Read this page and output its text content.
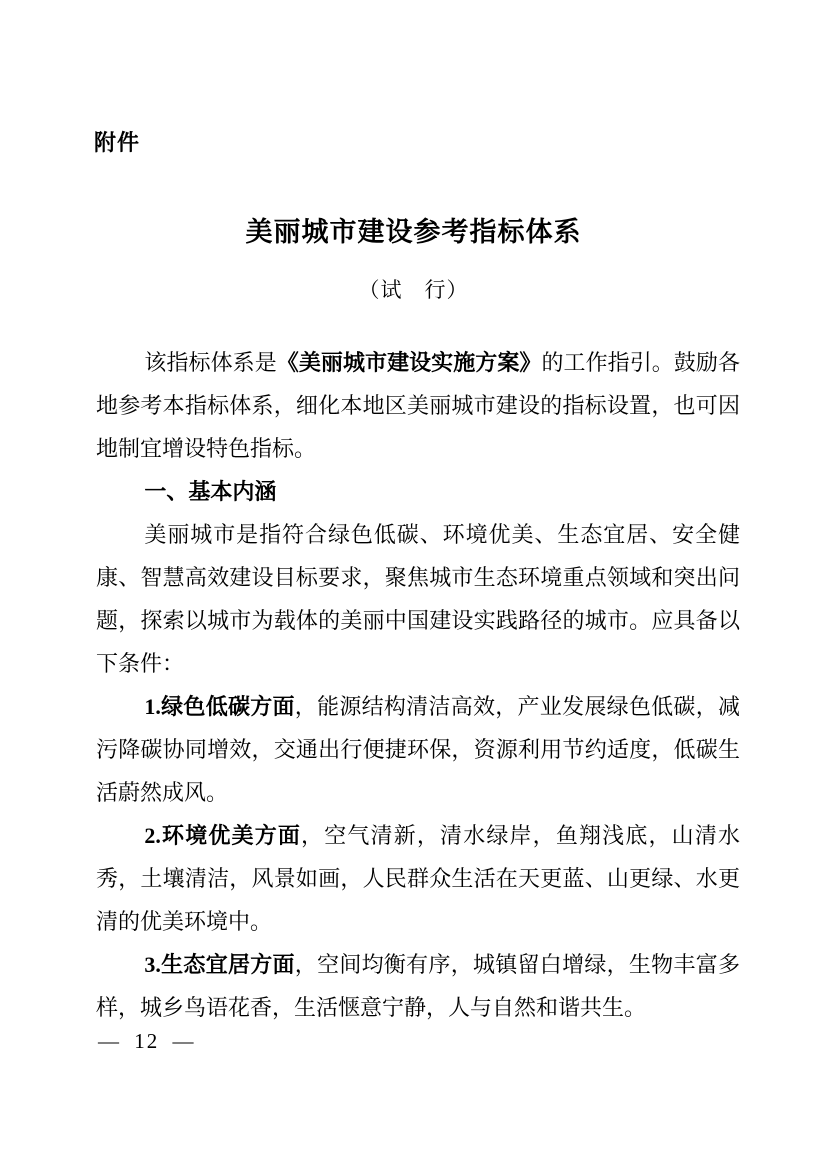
附件
美丽城市建设参考指标体系
（试　行）

该指标体系是《美丽城市建设实施方案》的工作指引。鼓励各地参考本指标体系，细化本地区美丽城市建设的指标设置，也可因地制宜增设特色指标。

一、基本内涵

美丽城市是指符合绿色低碳、环境优美、生态宜居、安全健康、智慧高效建设目标要求，聚焦城市生态环境重点领域和突出问题，探索以城市为载体的美丽中国建设实践路径的城市。应具备以下条件：

1.绿色低碳方面，能源结构清洁高效，产业发展绿色低碳，减污降碳协同增效，交通出行便捷环保，资源利用节约适度，低碳生活蔚然成风。

2.环境优美方面，空气清新，清水绿岸，鱼翔浅底，山清水秀，土壤清洁，风景如画，人民群众生活在天更蓝、山更绿、水更清的优美环境中。

3.生态宜居方面，空间均衡有序，城镇留白增绿，生物丰富多样，城乡鸟语花香，生活惬意宁静，人与自然和谐共生。

— 12 —
